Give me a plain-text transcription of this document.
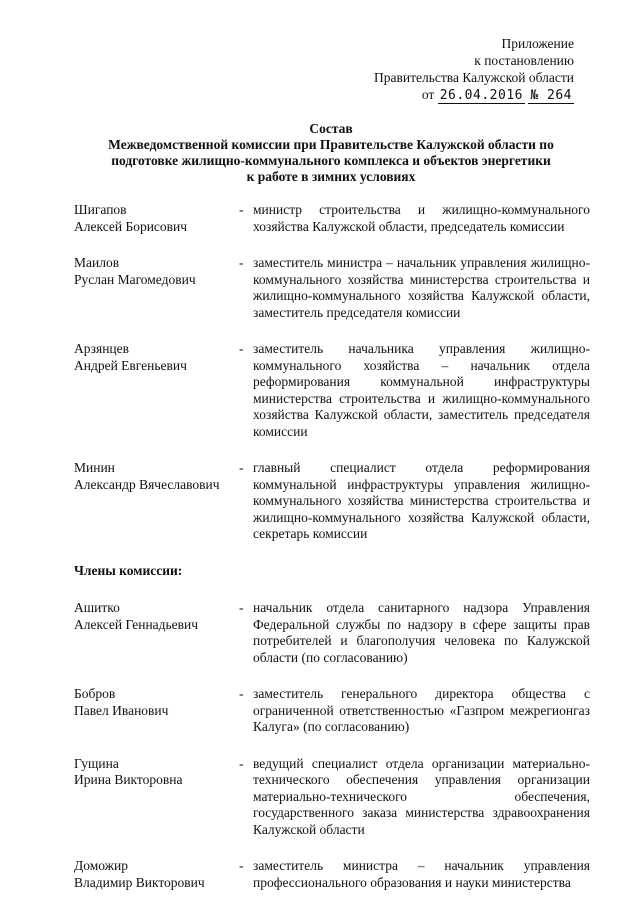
Приложение
к постановлению
Правительства Калужской области
от 26.04.2016 № 264
Состав
Межведомственной комиссии при Правительстве Калужской области по
подготовке жилищно-коммунального комплекса и объектов энергетики
к работе в зимних условиях
Шигапов
Алексей Борисович
- министр строительства и жилищно-коммунального хозяйства Калужской области, председатель комиссии

Маилов
Руслан Магомедович
- заместитель министра – начальник управления жилищно-коммунального хозяйства министерства строительства и жилищно-коммунального хозяйства Калужской области, заместитель председателя комиссии

Арзянцев
Андрей Евгеньевич
- заместитель начальника управления жилищно-коммунального хозяйства – начальник отдела реформирования коммунальной инфраструктуры министерства строительства и жилищно-коммунального хозяйства Калужской области, заместитель председателя комиссии

Минин
Александр Вячеславович
- главный специалист отдела реформирования коммунальной инфраструктуры управления жилищно-коммунального хозяйства министерства строительства и жилищно-коммунального хозяйства Калужской области, секретарь комиссии

Члены комиссии:
Ашитко
Алексей Геннадьевич
- начальник отдела санитарного надзора Управления Федеральной службы по надзору в сфере защиты прав потребителей и благополучия человека по Калужской области (по согласованию)

Бобров
Павел Иванович
- заместитель генерального директора общества с ограниченной ответственностью «Газпром межрегионгаз Калуга» (по согласованию)

Гущина
Ирина Викторовна
- ведущий специалист отдела организации материально-технического обеспечения управления организации материально-технического обеспечения, государственного заказа министерства здравоохранения Калужской области

Доможир
Владимир Викторович
- заместитель министра – начальник управления профессионального образования и науки министерства
